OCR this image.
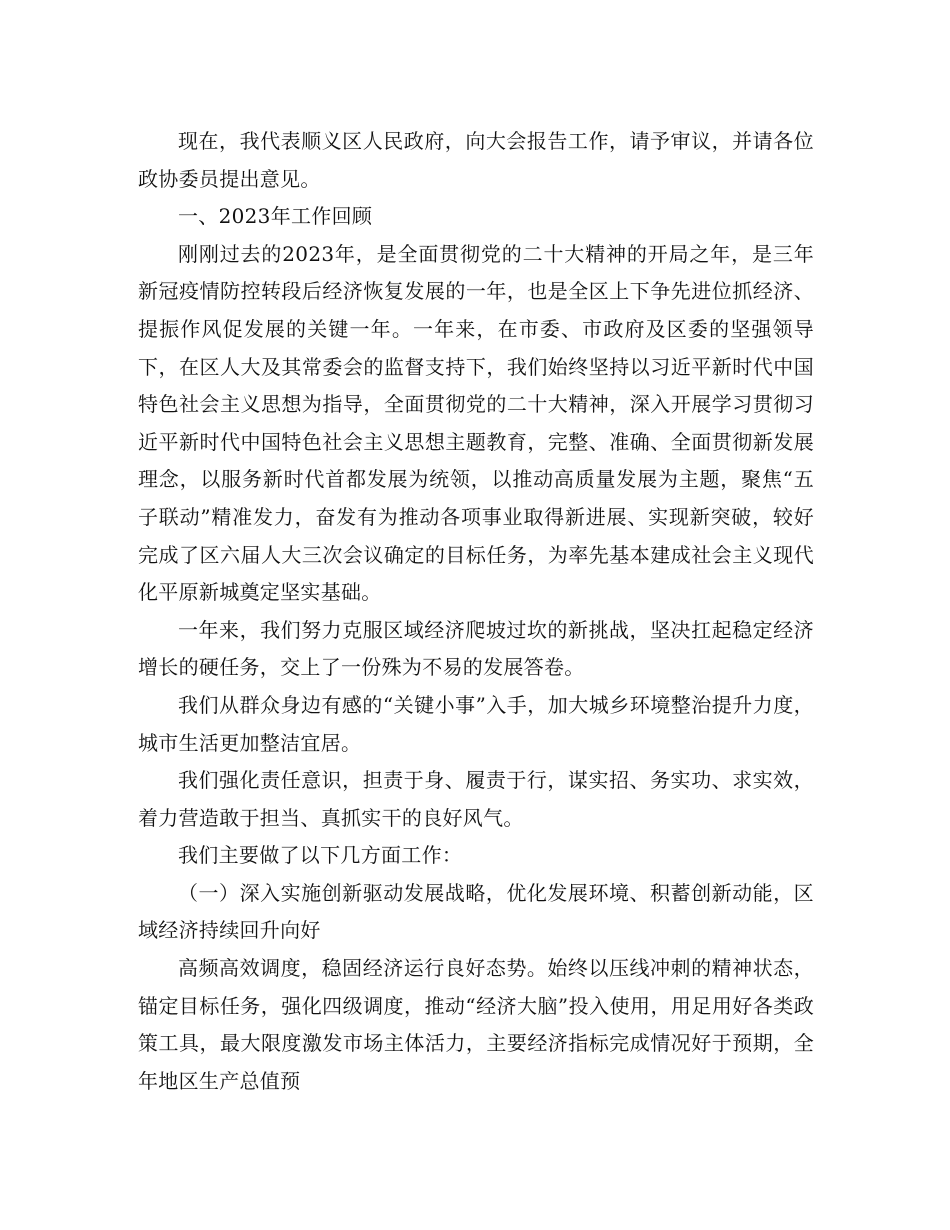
现在，我代表顺义区人民政府，向大会报告工作，请予审议，并请各位政协委员提出意见。

一、2023年工作回顾

刚刚过去的2023年，是全面贯彻党的二十大精神的开局之年，是三年新冠疫情防控转段后经济恢复发展的一年，也是全区上下争先进位抓经济、提振作风促发展的关键一年。一年来，在市委、市政府及区委的坚强领导下，在区人大及其常委会的监督支持下，我们始终坚持以习近平新时代中国特色社会主义思想为指导，全面贯彻党的二十大精神，深入开展学习贯彻习近平新时代中国特色社会主义思想主题教育，完整、准确、全面贯彻新发展理念，以服务新时代首都发展为统领，以推动高质量发展为主题，聚焦“五子联动”精准发力，奋发有为推动各项事业取得新进展、实现新突破，较好完成了区六届人大三次会议确定的目标任务，为率先基本建成社会主义现代化平原新城奠定坚实基础。

一年来，我们努力克服区域经济爬坡过坎的新挑战，坚决扛起稳定经济增长的硬任务，交上了一份殊为不易的发展答卷。

我们从群众身边有感的“关键小事”入手，加大城乡环境整治提升力度，城市生活更加整洁宜居。

我们强化责任意识，担责于身、履责于行，谋实招、务实功、求实效，着力营造敢于担当、真抓实干的良好风气。

我们主要做了以下几方面工作：

（一）深入实施创新驱动发展战略，优化发展环境、积蓄创新动能，区域经济持续回升向好

高频高效调度，稳固经济运行良好态势。始终以压线冲刺的精神状态，锚定目标任务，强化四级调度，推动“经济大脑”投入使用，用足用好各类政策工具，最大限度激发市场主体活力，主要经济指标完成情况好于预期，全年地区生产总值预
